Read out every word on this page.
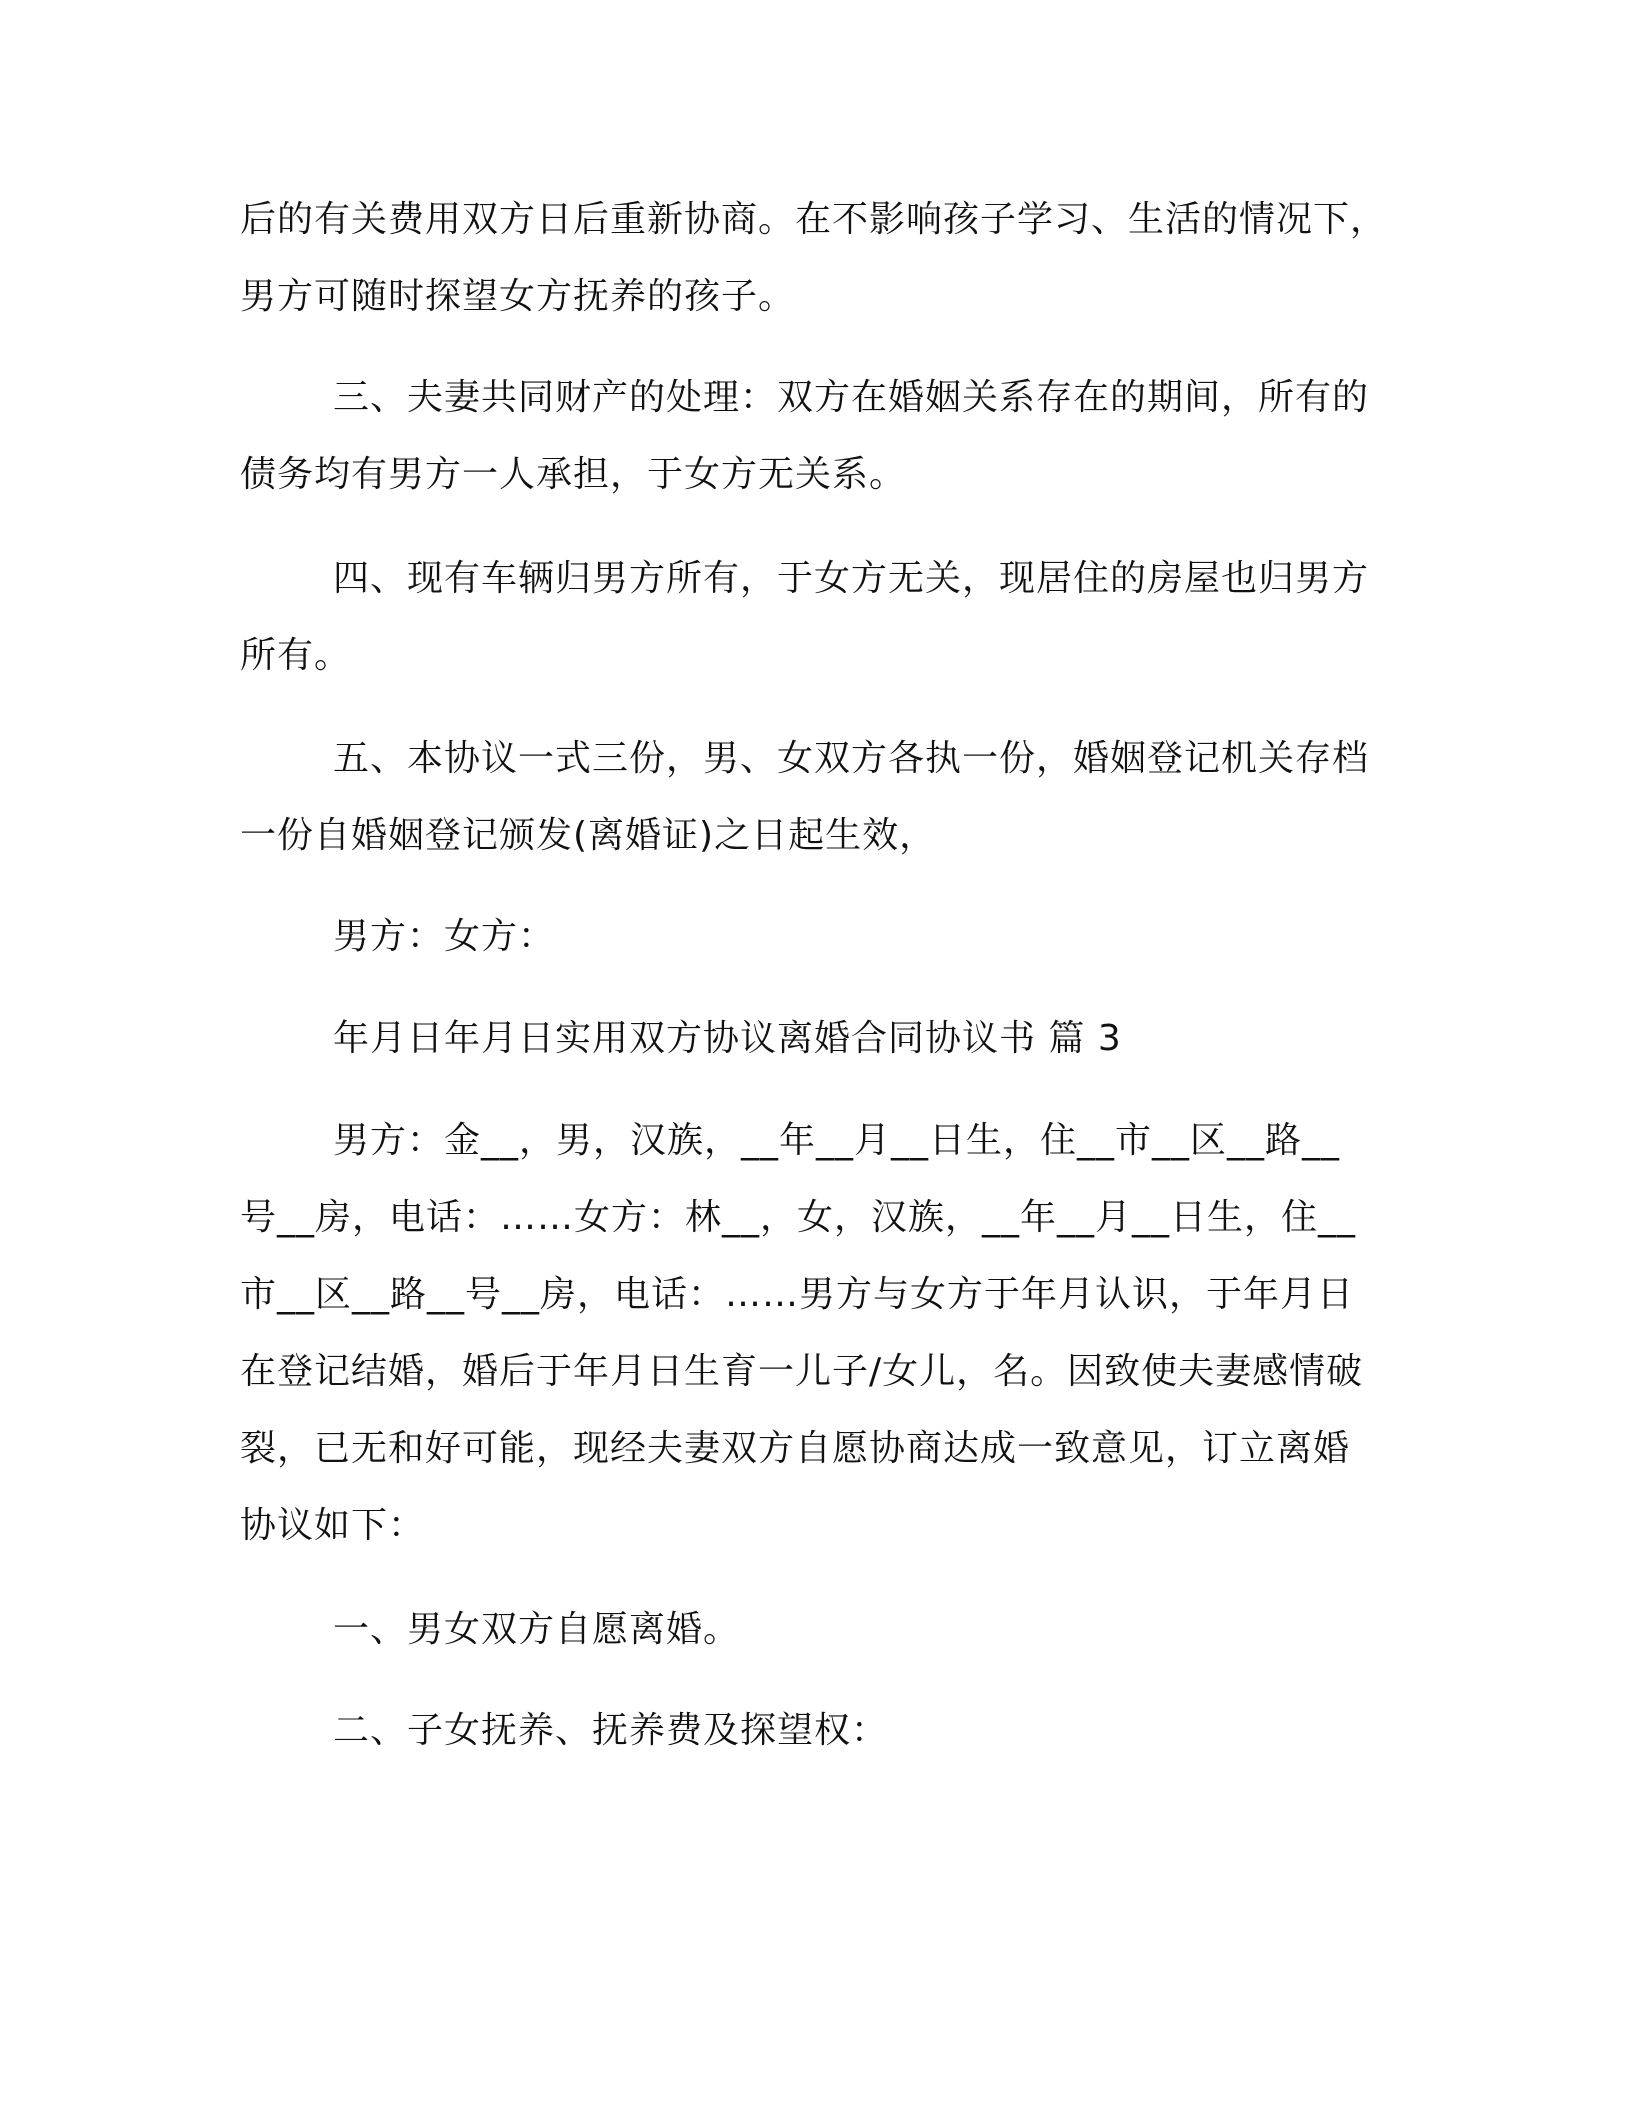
后的有关费用双方日后重新协商。在不影响孩子学习、生活的情况下，
男方可随时探望女方抚养的孩子。
三、夫妻共同财产的处理：双方在婚姻关系存在的期间，所有的
债务均有男方一人承担，于女方无关系。
四、现有车辆归男方所有，于女方无关，现居住的房屋也归男方
所有。
五、本协议一式三份，男、女双方各执一份，婚姻登记机关存档
一份自婚姻登记颁发(离婚证)之日起生效，
男方：女方：
年月日年月日实用双方协议离婚合同协议书 篇 3
男方：金__，男，汉族，__年__月__日生，住__市__区__路__
号__房，电话：……女方：林__，女，汉族，__年__月__日生，住__
市__区__路__号__房，电话：……男方与女方于年月认识，于年月日
在登记结婚，婚后于年月日生育一儿子/女儿，名。因致使夫妻感情破
裂，已无和好可能，现经夫妻双方自愿协商达成一致意见，订立离婚
协议如下：
一、男女双方自愿离婚。
二、子女抚养、抚养费及探望权：
